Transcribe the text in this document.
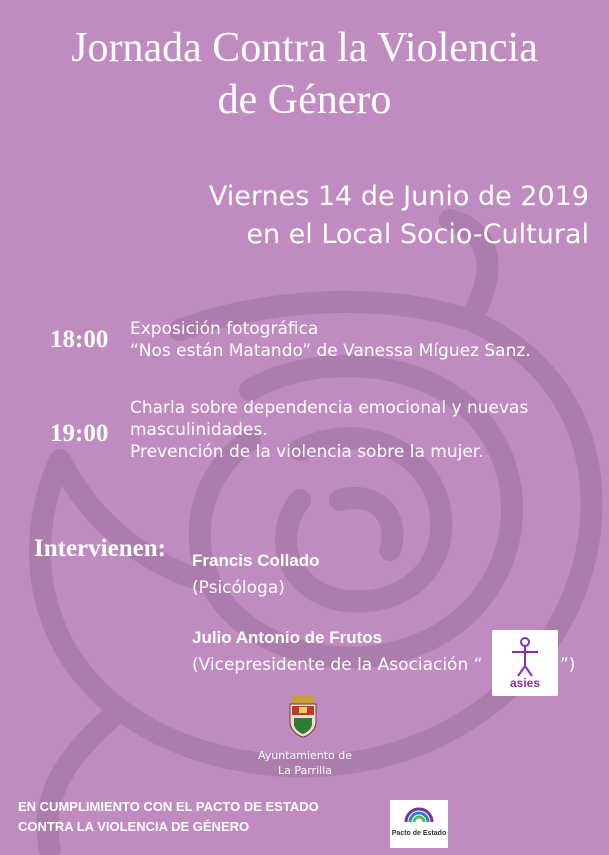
Jornada Contra la Violencia
de Género
Viernes 14 de Junio de 2019
en el Local Socio-Cultural
18:00 Exposición fotográfica
“Nos están Matando” de Vanessa Míguez Sanz.
19:00
Charla sobre dependencia emocional y nuevas
masculinidades.
Prevención de la violencia sobre la mujer.
Intervienen: Francis Collado
(Psicóloga)
Julio Antonio de Frutos
(Vicepresidente de la Asociación “	”)
asies
Ayuntamiento de
La Parrilla
EN CUMPLIMIENTO CON EL PACTO DE ESTADO
CONTRA LA VIOLENCIA DE GÉNERO	Pacto de Estado
